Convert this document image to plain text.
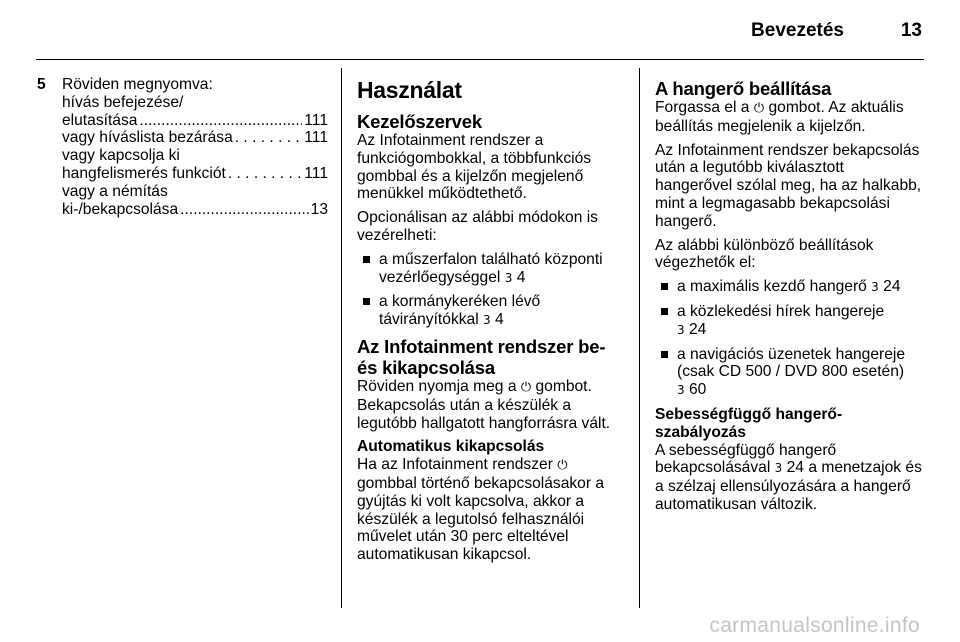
Bevezetés	13
5 Röviden megnyomva:
hívás befejezése/
elutasítása .....	111
vagy híváslista bezárása . . .	111
vagy kapcsolja ki
hangfelismerés funkciót . . .	111
vagy a némítás
ki-/bekapcsolása .....	13
Használat
Kezelőszervek

Az Infotainment rendszer a funkciógombokkal, a többfunkciós gombbal és a kijelzőn megjelenő menükkel működtethető.

Opcionálisan az alábbi módokon is vezérelheti:

a műszerfalon található központi vezérlőegységgel 3 4
a kormánykeréken lévő távirányítókkal 3 4
Az Infotainment rendszer be- és kikapcsolása

Röviden nyomja meg a ⏻ gombot. Bekapcsolás után a készülék a legutóbb hallgatott hangforrásra vált.

Automatikus kikapcsolás

Ha az Infotainment rendszer ⏻ gombbal történő bekapcsolásakor a gyújtás ki volt kapcsolva, akkor a készülék a legutolsó felhasználói művelet után 30 perc elteltével automatikusan kikapcsol.

A hangerő beállítása

Forgassa el a ⏻ gombot. Az aktuális beállítás megjelenik a kijelzőn.

Az Infotainment rendszer bekapcsolás után a legutóbb kiválasztott hangerővel szólal meg, ha az halkabb, mint a legmagasabb bekapcsolási hangerő.

Az alábbi különböző beállítások végezhetők el:

a maximális kezdő hangerő 3 24
a közlekedési hírek hangereje
3 24
a navigációs üzenetek hangereje (csak CD 500 / DVD 800 esetén)
3 60
Sebességfüggő hangerő-szabályozás

A sebességfüggő hangerő bekapcsolásával 3 24 a menetzajok és a szélzaj ellensúlyozására a hangerő automatikusan változik.

carmanualsonline.info
